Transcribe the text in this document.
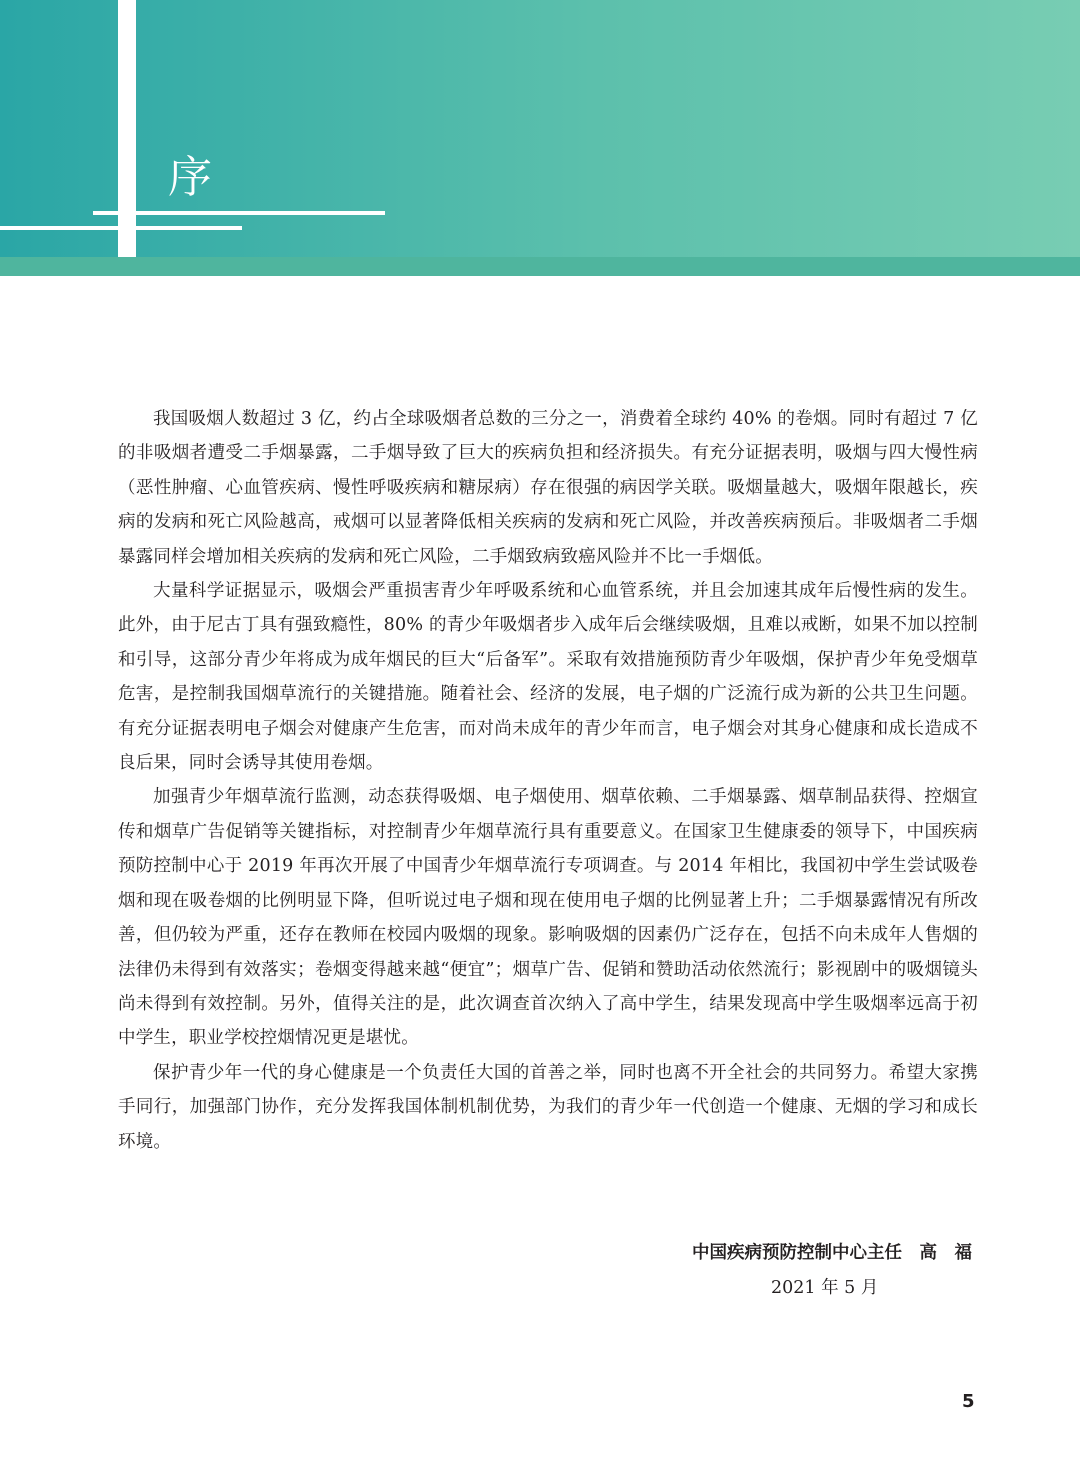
序

我国吸烟人数超过 3 亿，约占全球吸烟者总数的三分之一，消费着全球约 40% 的卷烟。同时有超过 7 亿的非吸烟者遭受二手烟暴露，二手烟导致了巨大的疾病负担和经济损失。有充分证据表明，吸烟与四大慢性病（恶性肿瘤、心血管疾病、慢性呼吸疾病和糖尿病）存在很强的病因学关联。吸烟量越大，吸烟年限越长，疾病的发病和死亡风险越高，戒烟可以显著降低相关疾病的发病和死亡风险，并改善疾病预后。非吸烟者二手烟暴露同样会增加相关疾病的发病和死亡风险，二手烟致病致癌风险并不比一手烟低。

大量科学证据显示，吸烟会严重损害青少年呼吸系统和心血管系统，并且会加速其成年后慢性病的发生。此外，由于尼古丁具有强致瘾性，80% 的青少年吸烟者步入成年后会继续吸烟，且难以戒断，如果不加以控制和引导，这部分青少年将成为成年烟民的巨大“后备军”。采取有效措施预防青少年吸烟，保护青少年免受烟草危害，是控制我国烟草流行的关键措施。随着社会、经济的发展，电子烟的广泛流行成为新的公共卫生问题。有充分证据表明电子烟会对健康产生危害，而对尚未成年的青少年而言，电子烟会对其身心健康和成长造成不良后果，同时会诱导其使用卷烟。

加强青少年烟草流行监测，动态获得吸烟、电子烟使用、烟草依赖、二手烟暴露、烟草制品获得、控烟宣传和烟草广告促销等关键指标，对控制青少年烟草流行具有重要意义。在国家卫生健康委的领导下，中国疾病预防控制中心于 2019 年再次开展了中国青少年烟草流行专项调查。与 2014 年相比，我国初中学生尝试吸卷烟和现在吸卷烟的比例明显下降，但听说过电子烟和现在使用电子烟的比例显著上升；二手烟暴露情况有所改善，但仍较为严重，还存在教师在校园内吸烟的现象。影响吸烟的因素仍广泛存在，包括不向未成年人售烟的法律仍未得到有效落实；卷烟变得越来越“便宜”；烟草广告、促销和赞助活动依然流行；影视剧中的吸烟镜头尚未得到有效控制。另外，值得关注的是，此次调查首次纳入了高中学生，结果发现高中学生吸烟率远高于初中学生，职业学校控烟情况更是堪忧。

保护青少年一代的身心健康是一个负责任大国的首善之举，同时也离不开全社会的共同努力。希望大家携手同行，加强部门协作，充分发挥我国体制机制优势，为我们的青少年一代创造一个健康、无烟的学习和成长环境。

中国疾病预防控制中心主任　高　福
2021 年 5 月
5
